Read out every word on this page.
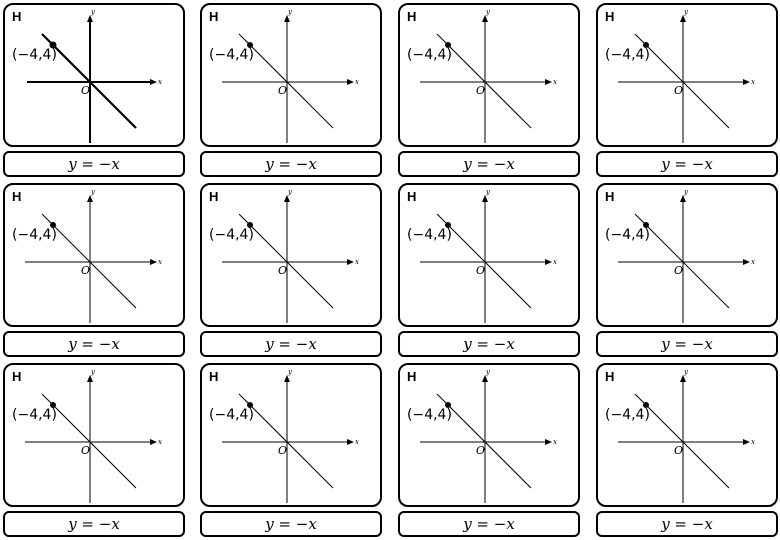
H
x
y
O
(−4,4)
y = −x
H
x
y
O
(−4,4)
y = −x
H
x
y
O
(−4,4)
y = −x
H
x
y
O
(−4,4)
y = −x
H
x
y
O
(−4,4)
y = −x
H
x
y
O
(−4,4)
y = −x
H
x
y
O
(−4,4)
y = −x
H
x
y
O
(−4,4)
y = −x
H
x
y
O
(−4,4)
y = −x
H
x
y
O
(−4,4)
y = −x
H
x
y
O
(−4,4)
y = −x
H
x
y
O
(−4,4)
y = −x
